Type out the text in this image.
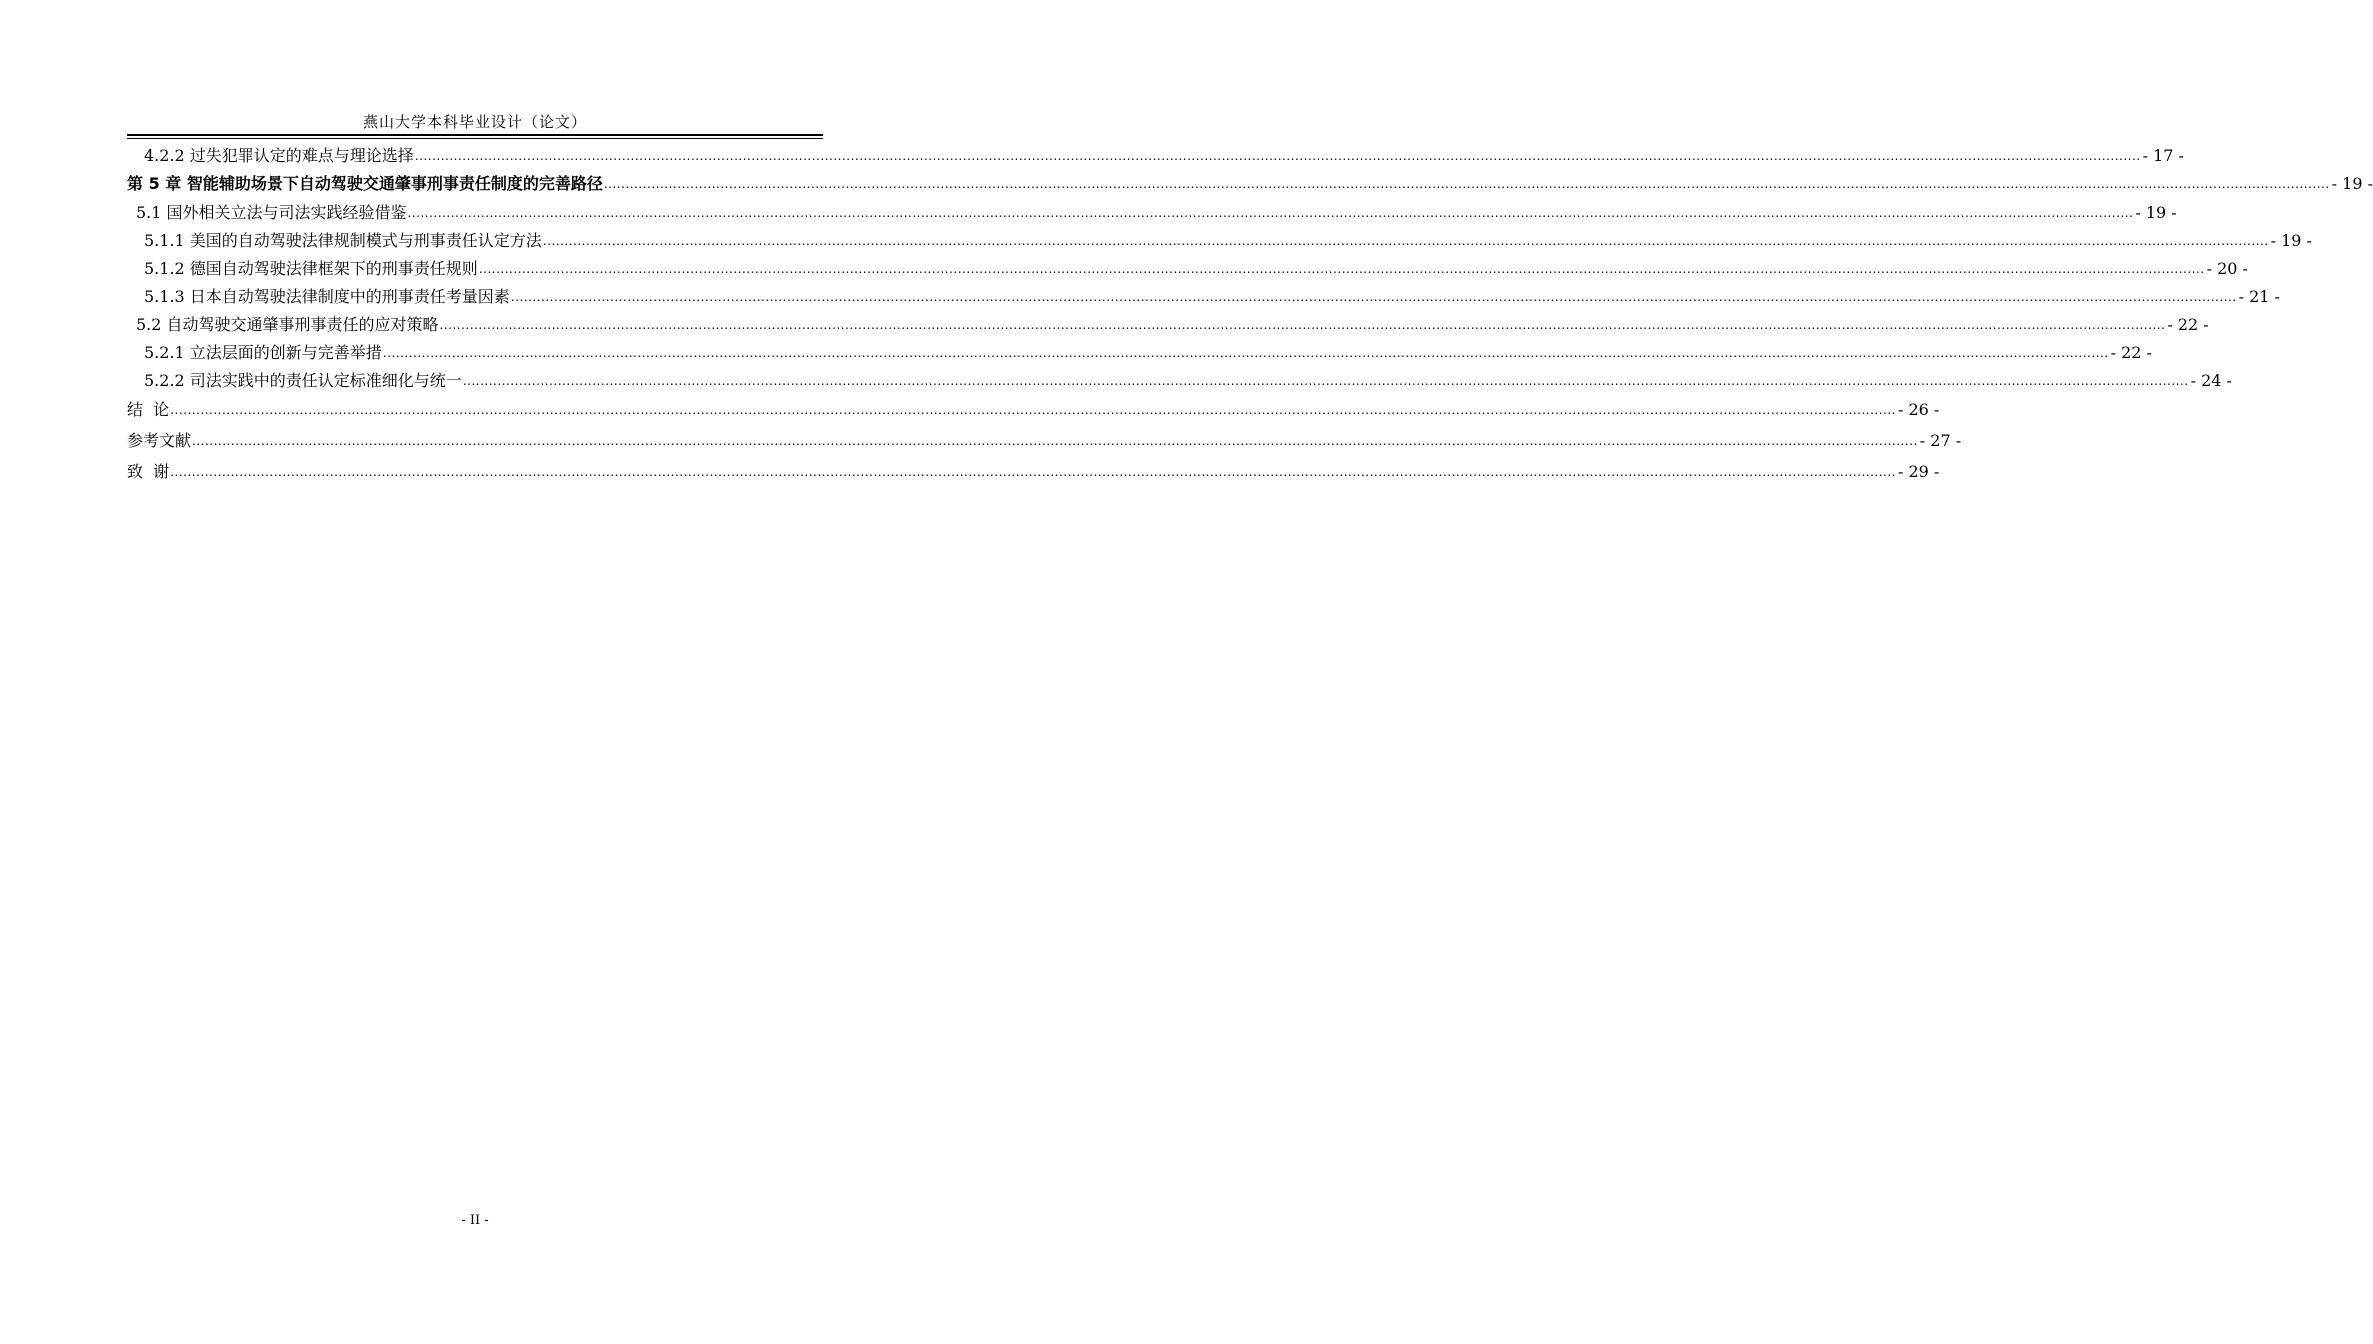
燕山大学本科毕业设计（论文）
4.2.2 过失犯罪认定的难点与理论选择 ................................................................................................................................................................................................................................................................................................................................................................................................................ - 17 -
第 5 章 智能辅助场景下自动驾驶交通肇事刑事责任制度的完善路径 ................................................................................................................................................................................................................................................................................................................................................................................................................ - 19 -
5.1 国外相关立法与司法实践经验借鉴 ................................................................................................................................................................................................................................................................................................................................................................................................................ - 19 -
5.1.1 美国的自动驾驶法律规制模式与刑事责任认定方法 ................................................................................................................................................................................................................................................................................................................................................................................................................ - 19 -
5.1.2 德国自动驾驶法律框架下的刑事责任规则 ................................................................................................................................................................................................................................................................................................................................................................................................................ - 20 -
5.1.3 日本自动驾驶法律制度中的刑事责任考量因素 ................................................................................................................................................................................................................................................................................................................................................................................................................ - 21 -
5.2 自动驾驶交通肇事刑事责任的应对策略 ................................................................................................................................................................................................................................................................................................................................................................................................................ - 22 -
5.2.1 立法层面的创新与完善举措 ................................................................................................................................................................................................................................................................................................................................................................................................................ - 22 -
5.2.2 司法实践中的责任认定标准细化与统一 ................................................................................................................................................................................................................................................................................................................................................................................................................ - 24 -
结  论 ................................................................................................................................................................................................................................................................................................................................................................................................................ - 26 -
参考文献 ................................................................................................................................................................................................................................................................................................................................................................................................................ - 27 -
致  谢 ................................................................................................................................................................................................................................................................................................................................................................................................................ - 29 -
- II -
